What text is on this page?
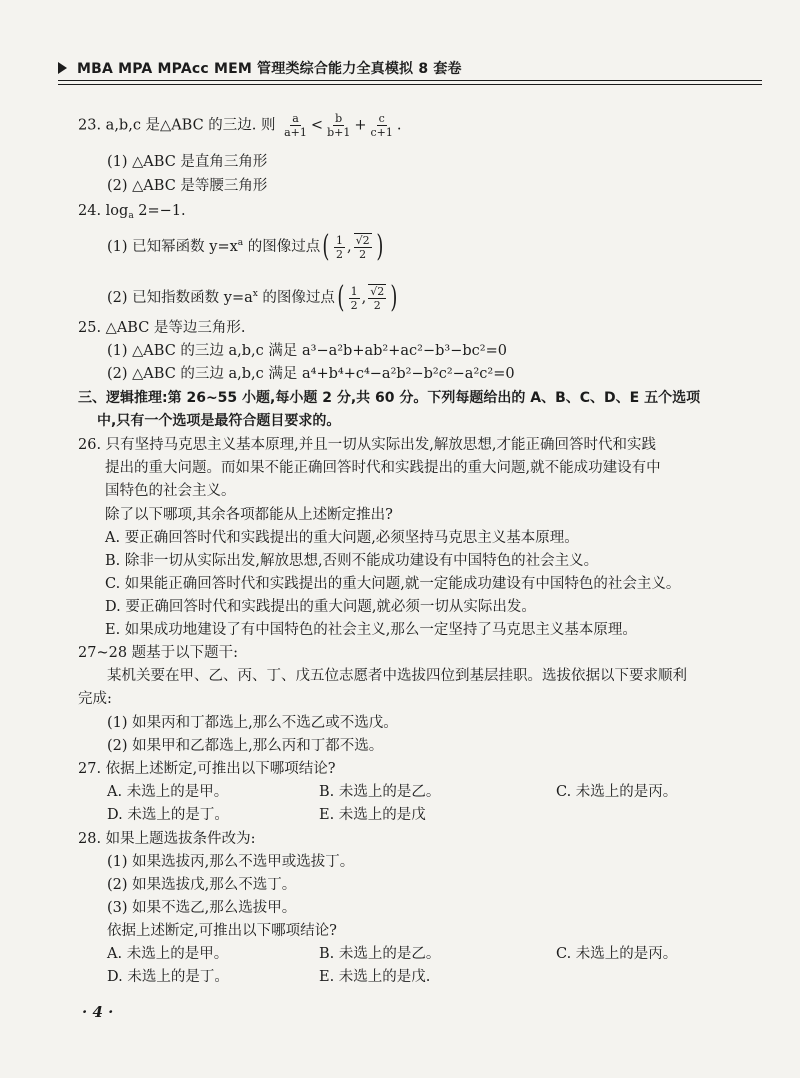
MBA MPA MPAcc MEM 管理类综合能力全真模拟 8 套卷
23. a,b,c 是△ABC 的三边. 则 $\frac{a}{a+1} < \frac{b}{b+1} + \frac{c}{c+1}$ .
(1) △ABC 是直角三角形
(2) △ABC 是等腰三角形
24. $\log_a 2=-1$.
(1) 已知幂函数 $y=x^a$ 的图像过点( $\frac{1}{2}$ , $\frac{√2}{2}$ )
(2) 已知指数函数 $y=a^x$ 的图像过点( $\frac{1}{2}$ , $\frac{√2}{2}$ )
25. △ABC 是等边三角形.
(1) △ABC 的三边 a,b,c 满足 a³−a²b+ab²+ac²−b³−bc²=0
(2) △ABC 的三边 a,b,c 满足 a⁴+b⁴+c⁴−a²b²−b²c²−a²c²=0
三、逻辑推理:第 26~55 小题,每小题 2 分,共 60 分。下列每题给出的 A、B、C、D、E 五个选项
中,只有一个选项是最符合题目要求的。
26. 只有坚持马克思主义基本原理,并且一切从实际出发,解放思想,才能正确回答时代和实践
提出的重大问题。而如果不能正确回答时代和实践提出的重大问题,就不能成功建设有中
国特色的社会主义。
除了以下哪项,其余各项都能从上述断定推出?
A. 要正确回答时代和实践提出的重大问题,必须坚持马克思主义基本原理。
B. 除非一切从实际出发,解放思想,否则不能成功建设有中国特色的社会主义。
C. 如果能正确回答时代和实践提出的重大问题,就一定能成功建设有中国特色的社会主义。
D. 要正确回答时代和实践提出的重大问题,就必须一切从实际出发。
E. 如果成功地建设了有中国特色的社会主义,那么一定坚持了马克思主义基本原理。
27~28 题基于以下题干:
某机关要在甲、乙、丙、丁、戊五位志愿者中选拔四位到基层挂职。选拔依据以下要求顺利
完成:
(1) 如果丙和丁都选上,那么不选乙或不选戊。
(2) 如果甲和乙都选上,那么丙和丁都不选。
27. 依据上述断定,可推出以下哪项结论?
A. 未选上的是甲。	B. 未选上的是乙。	C. 未选上的是丙。
D. 未选上的是丁。	E. 未选上的是戊
28. 如果上题选拔条件改为:
(1) 如果选拔丙,那么不选甲或选拔丁。
(2) 如果选拔戊,那么不选丁。
(3) 如果不选乙,那么选拔甲。
依据上述断定,可推出以下哪项结论?
A. 未选上的是甲。	B. 未选上的是乙。	C. 未选上的是丙。
D. 未选上的是丁。	E. 未选上的是戊.
· 4 ·
